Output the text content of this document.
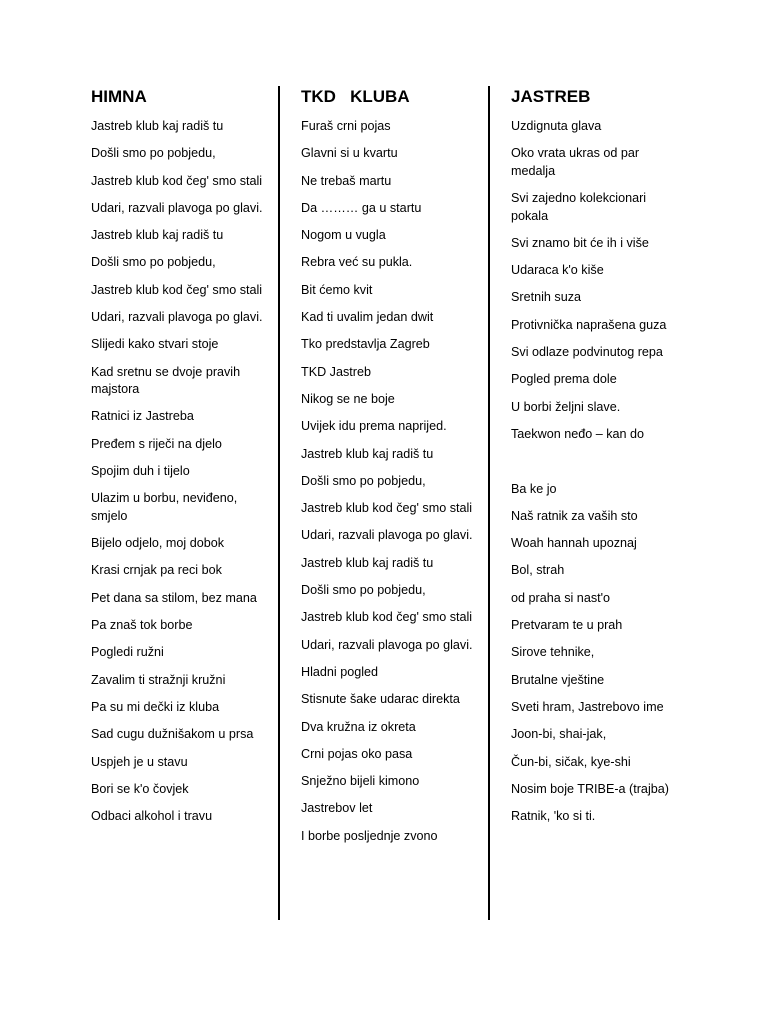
HIMNA
Jastreb klub kaj radiš tu
Došli smo po pobjedu,
Jastreb klub kod čeg' smo stali
Udari, razvali plavoga po glavi.
Jastreb klub kaj radiš tu
Došli smo po pobjedu,
Jastreb klub kod čeg' smo stali
Udari, razvali plavoga po glavi.
Slijedi kako stvari stoje
Kad sretnu se dvoje pravih majstora
Ratnici iz Jastreba
Pređem s riječi na djelo
Spojim duh i tijelo
Ulazim u borbu, neviđeno, smjelo
Bijelo odjelo, moj dobok
Krasi crnjak pa reci bok
Pet dana sa stilom, bez mana
Pa znaš tok borbe
Pogledi ružni
Zavalim ti stražnji kružni
Pa su mi dečki iz kluba
Sad cugu dužnišakom u prsa
Uspjeh je u stavu
Bori se k'o čovjek
Odbaci alkohol i travu
TKD   KLUBA
Furaš crni pojas
Glavni si u kvartu
Ne trebaš martu
Da ……… ga u startu
Nogom u vugla
Rebra već su pukla.
Bit ćemo kvit
Kad ti uvalim jedan dwit
Tko predstavlja Zagreb
TKD Jastreb
Nikog se ne boje
Uvijek idu prema naprijed.
Jastreb klub kaj radiš tu
Došli smo po pobjedu,
Jastreb klub kod čeg' smo stali
Udari, razvali plavoga po glavi.
Jastreb klub kaj radiš tu
Došli smo po pobjedu,
Jastreb klub kod čeg' smo stali
Udari, razvali plavoga po glavi.
Hladni pogled
Stisnute šake udarac direkta
Dva kružna iz okreta
Crni pojas oko pasa
Snježno bijeli kimono
Jastrebov let
I borbe posljednje zvono
JASTREB
Uzdignuta glava
Oko vrata ukras od par medalja
Svi zajedno kolekcionari pokala
Svi znamo bit će ih i više
Udaraca k'o kiše
Sretnih suza
Protivnička naprašena guza
Svi odlaze podvinutog repa
Pogled prema dole
U borbi željni slave.
Taekwon neđo – kan do
Ba ke jo
Naš ratnik za vaših sto
Woah hannah upoznaj
Bol, strah
od praha si nast'o
Pretvaram te u prah
Sirove tehnike,
Brutalne vještine
Sveti hram, Jastrebovo ime
Joon-bi, shai-jak,
Čun-bi, sičak, kye-shi
Nosim boje TRIBE-a (trajba)
Ratnik, 'ko si ti.
